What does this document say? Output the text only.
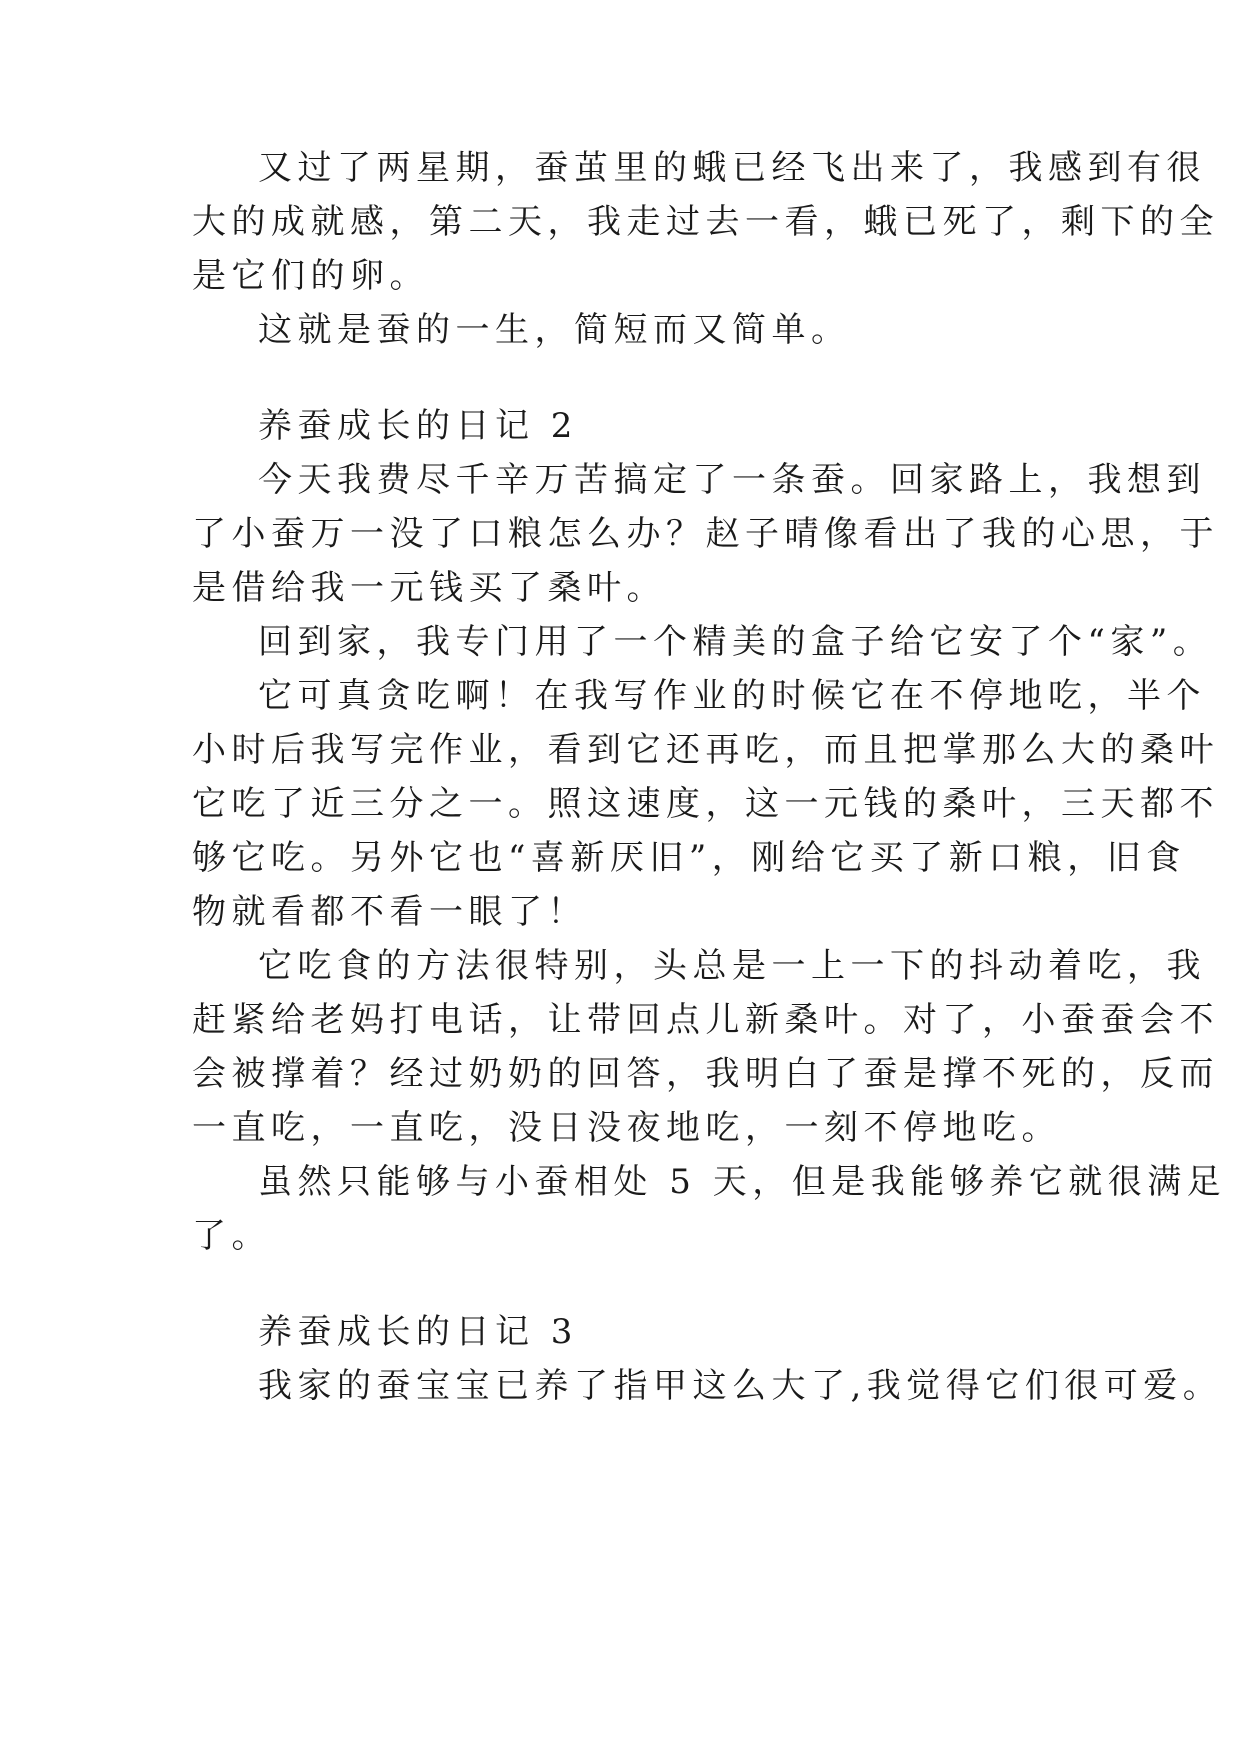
又过了两星期，蚕茧里的蛾已经飞出来了，我感到有很
大的成就感，第二天，我走过去一看，蛾已死了，剩下的全
是它们的卵。
这就是蚕的一生，简短而又简单。
养蚕成长的日记 2
今天我费尽千辛万苦搞定了一条蚕。回家路上，我想到
了小蚕万一没了口粮怎么办？赵子晴像看出了我的心思，于
是借给我一元钱买了桑叶。
回到家，我专门用了一个精美的盒子给它安了个“家”。
它可真贪吃啊！在我写作业的时候它在不停地吃，半个
小时后我写完作业，看到它还再吃，而且把掌那么大的桑叶
它吃了近三分之一。照这速度，这一元钱的桑叶，三天都不
够它吃。另外它也“喜新厌旧”，刚给它买了新口粮，旧食
物就看都不看一眼了！
它吃食的方法很特别，头总是一上一下的抖动着吃，我
赶紧给老妈打电话，让带回点儿新桑叶。对了，小蚕蚕会不
会被撑着？经过奶奶的回答，我明白了蚕是撑不死的，反而
一直吃，一直吃，没日没夜地吃，一刻不停地吃。
虽然只能够与小蚕相处 5 天，但是我能够养它就很满足
了。
养蚕成长的日记 3
我家的蚕宝宝已养了指甲这么大了,我觉得它们很可爱。
